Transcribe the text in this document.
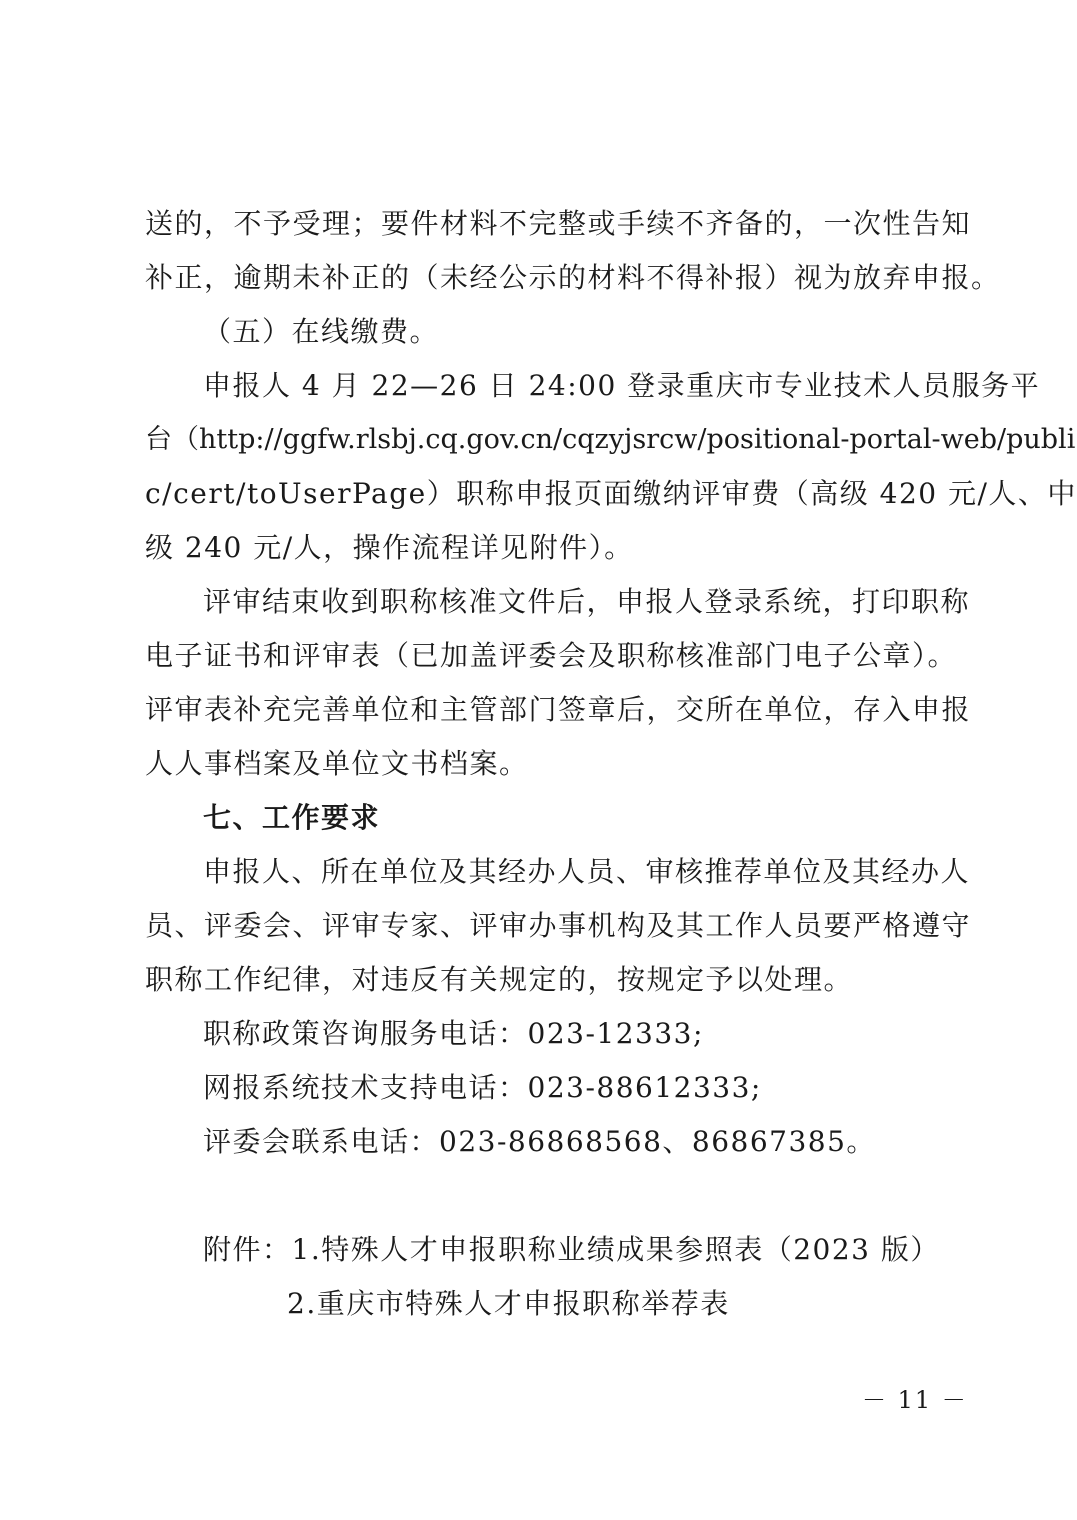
送的，不予受理；要件材料不完整或手续不齐备的，一次性告知
补正，逾期未补正的（未经公示的材料不得补报）视为放弃申报。
（五）在线缴费。
申报人 4 月 22—26 日 24:00 登录重庆市专业技术人员服务平
台（http://ggfw.rlsbj.cq.gov.cn/cqzyjsrcw/positional-portal-web/publi
c/cert/toUserPage）职称申报页面缴纳评审费（高级 420 元/人、中
级 240 元/人，操作流程详见附件）。
评审结束收到职称核准文件后，申报人登录系统，打印职称
电子证书和评审表（已加盖评委会及职称核准部门电子公章）。
评审表补充完善单位和主管部门签章后，交所在单位，存入申报
人人事档案及单位文书档案。
七、工作要求
申报人、所在单位及其经办人员、审核推荐单位及其经办人
员、评委会、评审专家、评审办事机构及其工作人员要严格遵守
职称工作纪律，对违反有关规定的，按规定予以处理。
职称政策咨询服务电话：023-12333;
网报系统技术支持电话：023-88612333;
评委会联系电话：023-86868568、86867385。
附件：1.特殊人才申报职称业绩成果参照表（2023 版）
2.重庆市特殊人才申报职称举荐表
－ 11 －
